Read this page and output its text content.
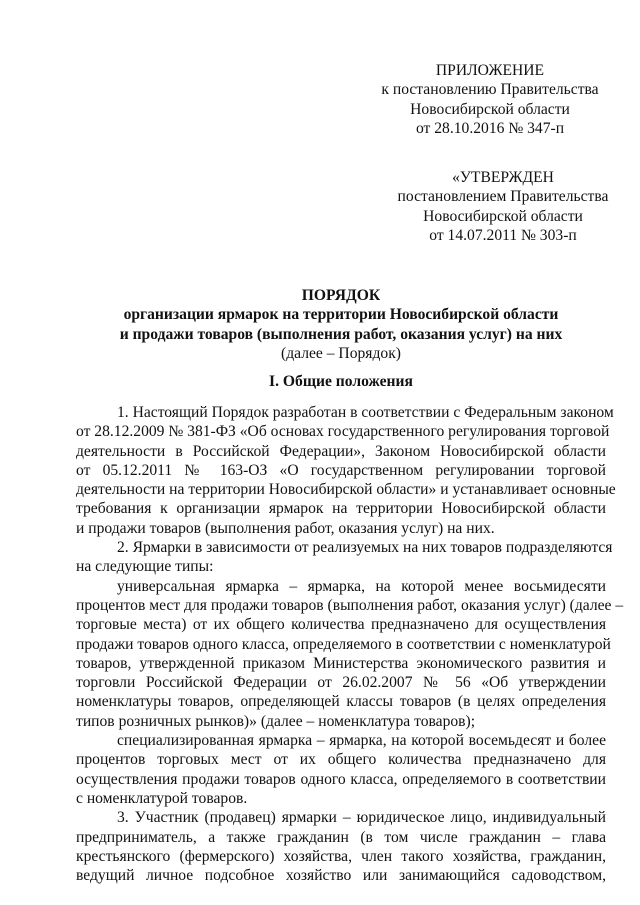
ПРИЛОЖЕНИЕ
к постановлению Правительства
Новосибирской области
от 28.10.2016 № 347-п
«УТВЕРЖДЕН
постановлением Правительства
Новосибирской области
от 14.07.2011 № 303-п
ПОРЯДОК
организации ярмарок на территории Новосибирской области
и продажи товаров (выполнения работ, оказания услуг) на них
(далее – Порядок)
I. Общие положения
1. Настоящий Порядок разработан в соответствии с Федеральным законом
от 28.12.2009 № 381-ФЗ «Об основах государственного регулирования торговой
деятельности в Российской Федерации», Законом Новосибирской области
от 05.12.2011 № 163-ОЗ «О государственном регулировании торговой
деятельности на территории Новосибирской области» и устанавливает основные
требования к организации ярмарок на территории Новосибирской области
и продажи товаров (выполнения работ, оказания услуг) на них.
2. Ярмарки в зависимости от реализуемых на них товаров подразделяются
на следующие типы:
универсальная ярмарка – ярмарка, на которой менее восьмидесяти
процентов мест для продажи товаров (выполнения работ, оказания услуг) (далее –
торговые места) от их общего количества предназначено для осуществления
продажи товаров одного класса, определяемого в соответствии с номенклатурой
товаров, утвержденной приказом Министерства экономического развития и
торговли Российской Федерации от 26.02.2007 № 56 «Об утверждении
номенклатуры товаров, определяющей классы товаров (в целях определения
типов розничных рынков)» (далее – номенклатура товаров);
специализированная ярмарка – ярмарка, на которой восемьдесят и более
процентов торговых мест от их общего количества предназначено для
осуществления продажи товаров одного класса, определяемого в соответствии
с номенклатурой товаров.
3. Участник (продавец) ярмарки – юридическое лицо, индивидуальный
предприниматель, а также гражданин (в том числе гражданин – глава
крестьянского (фермерского) хозяйства, член такого хозяйства, гражданин,
ведущий личное подсобное хозяйство или занимающийся садоводством,
